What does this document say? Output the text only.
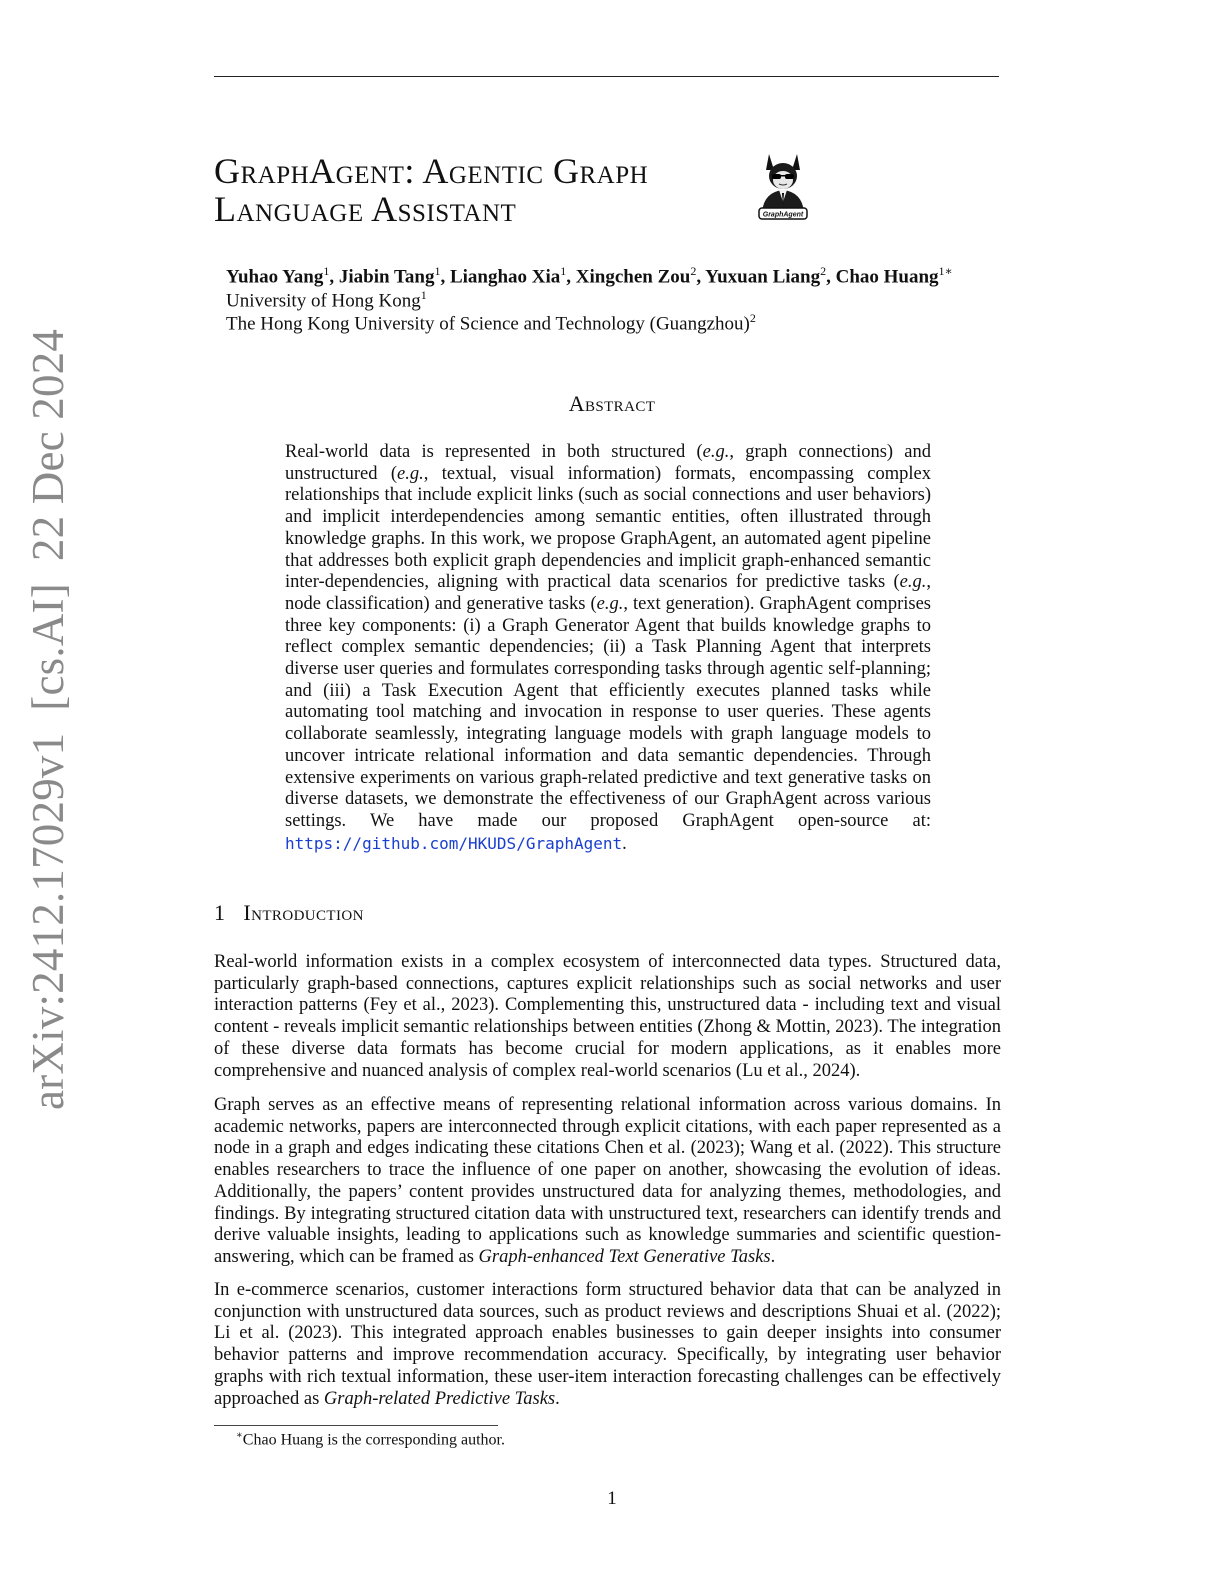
arXiv:2412.17029v1
[cs.AI]
22 Dec 2024
GraphAgent: Agentic Graph
Language Assistant	GraphAgent
Yuhao Yang$^1$, Jiabin Tang$^1$, Lianghao Xia$^1$, Xingchen Zou$^2$, Yuxuan Liang$^2$, Chao Huang$^{1∗}$
University of Hong Kong$^1$
The Hong Kong University of Science and Technology (Guangzhou)$^2$
Abstract
Real-world data is represented in both structured (e.g., graph connections) and unstructured (e.g., textual, visual information) formats, encompassing complex relationships that include explicit links (such as social connections and user behaviors) and implicit interdependencies among semantic entities, often illustrated through knowledge graphs. In this work, we propose GraphAgent, an automated agent pipeline that addresses both explicit graph dependencies and implicit graph-enhanced semantic inter-dependencies, aligning with practical data scenarios for predictive tasks (e.g., node classification) and generative tasks (e.g., text generation). GraphAgent comprises three key components: (i) a Graph Generator Agent that builds knowledge graphs to reflect complex semantic dependencies; (ii) a Task Planning Agent that interprets diverse user queries and formulates corresponding tasks through agentic self-planning; and (iii) a Task Execution Agent that efficiently executes planned tasks while automating tool matching and invocation in response to user queries. These agents collaborate seamlessly, integrating language models with graph language models to uncover intricate relational information and data semantic dependencies. Through extensive experiments on various graph-related predictive and text generative tasks on diverse datasets, we demonstrate the effectiveness of our GraphAgent across various settings. We have made our proposed GraphAgent open-source at: https://github.com/HKUDS/GraphAgent.
1 Introduction
Real-world information exists in a complex ecosystem of interconnected data types. Structured data, particularly graph-based connections, captures explicit relationships such as social networks and user interaction patterns (Fey et al., 2023). Complementing this, unstructured data - including text and visual content - reveals implicit semantic relationships between entities (Zhong & Mottin, 2023). The integration of these diverse data formats has become crucial for modern applications, as it enables more comprehensive and nuanced analysis of complex real-world scenarios (Lu et al., 2024).
Graph serves as an effective means of representing relational information across various domains. In academic networks, papers are interconnected through explicit citations, with each paper represented as a node in a graph and edges indicating these citations Chen et al. (2023); Wang et al. (2022). This structure enables researchers to trace the influence of one paper on another, showcasing the evolution of ideas. Additionally, the papers’ content provides unstructured data for analyzing themes, methodologies, and findings. By integrating structured citation data with unstructured text, researchers can identify trends and derive valuable insights, leading to applications such as knowledge summaries and scientific question-answering, which can be framed as Graph-enhanced Text Generative Tasks.
In e-commerce scenarios, customer interactions form structured behavior data that can be analyzed in conjunction with unstructured data sources, such as product reviews and descriptions Shuai et al. (2022); Li et al. (2023). This integrated approach enables businesses to gain deeper insights into consumer behavior patterns and improve recommendation accuracy. Specifically, by integrating user behavior graphs with rich textual information, these user-item interaction forecasting challenges can be effectively approached as Graph-related Predictive Tasks.
∗Chao Huang is the corresponding author.
1
